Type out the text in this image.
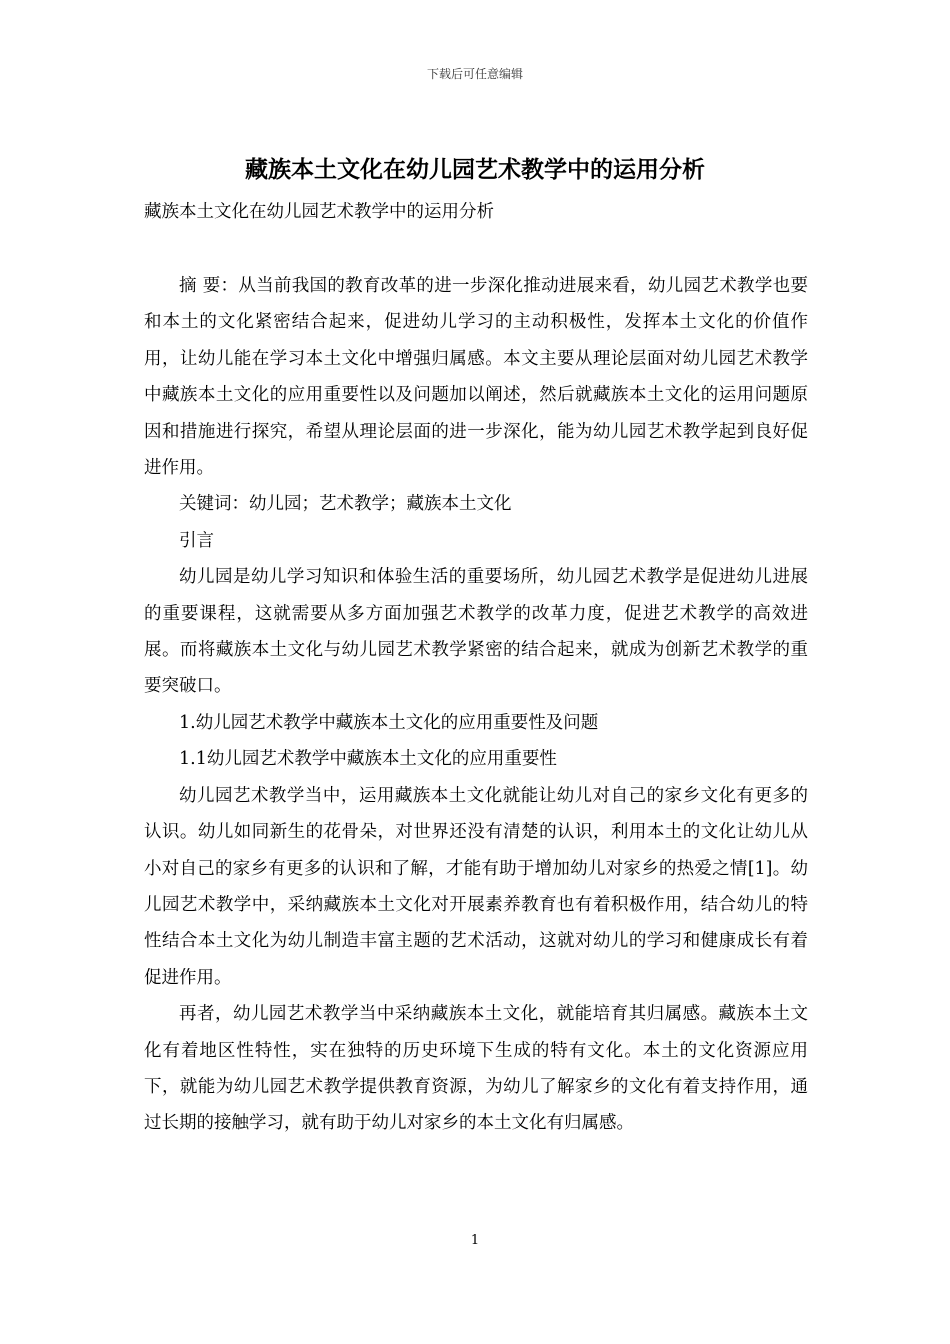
下载后可任意编辑
藏族本土文化在幼儿园艺术教学中的运用分析
藏族本土文化在幼儿园艺术教学中的运用分析

摘 要：从当前我国的教育改革的进一步深化推动进展来看，幼儿园艺术教学也要和本土的文化紧密结合起来，促进幼儿学习的主动积极性，发挥本土文化的价值作用，让幼儿能在学习本土文化中增强归属感。本文主要从理论层面对幼儿园艺术教学中藏族本土文化的应用重要性以及问题加以阐述，然后就藏族本土文化的运用问题原因和措施进行探究，希望从理论层面的进一步深化，能为幼儿园艺术教学起到良好促进作用。

关键词：幼儿园；艺术教学；藏族本土文化

引言

幼儿园是幼儿学习知识和体验生活的重要场所，幼儿园艺术教学是促进幼儿进展的重要课程，这就需要从多方面加强艺术教学的改革力度，促进艺术教学的高效进展。而将藏族本土文化与幼儿园艺术教学紧密的结合起来，就成为创新艺术教学的重要突破口。

1.幼儿园艺术教学中藏族本土文化的应用重要性及问题

1.1幼儿园艺术教学中藏族本土文化的应用重要性

幼儿园艺术教学当中，运用藏族本土文化就能让幼儿对自己的家乡文化有更多的认识。幼儿如同新生的花骨朵，对世界还没有清楚的认识，利用本土的文化让幼儿从小对自己的家乡有更多的认识和了解，才能有助于增加幼儿对家乡的热爱之情[1]。幼儿园艺术教学中，采纳藏族本土文化对开展素养教育也有着积极作用，结合幼儿的特性结合本土文化为幼儿制造丰富主题的艺术活动，这就对幼儿的学习和健康成长有着促进作用。

再者，幼儿园艺术教学当中采纳藏族本土文化，就能培育其归属感。藏族本土文化有着地区性特性，实在独特的历史环境下生成的特有文化。本土的文化资源应用下，就能为幼儿园艺术教学提供教育资源，为幼儿了解家乡的文化有着支持作用，通过长期的接触学习，就有助于幼儿对家乡的本土文化有归属感。

1
